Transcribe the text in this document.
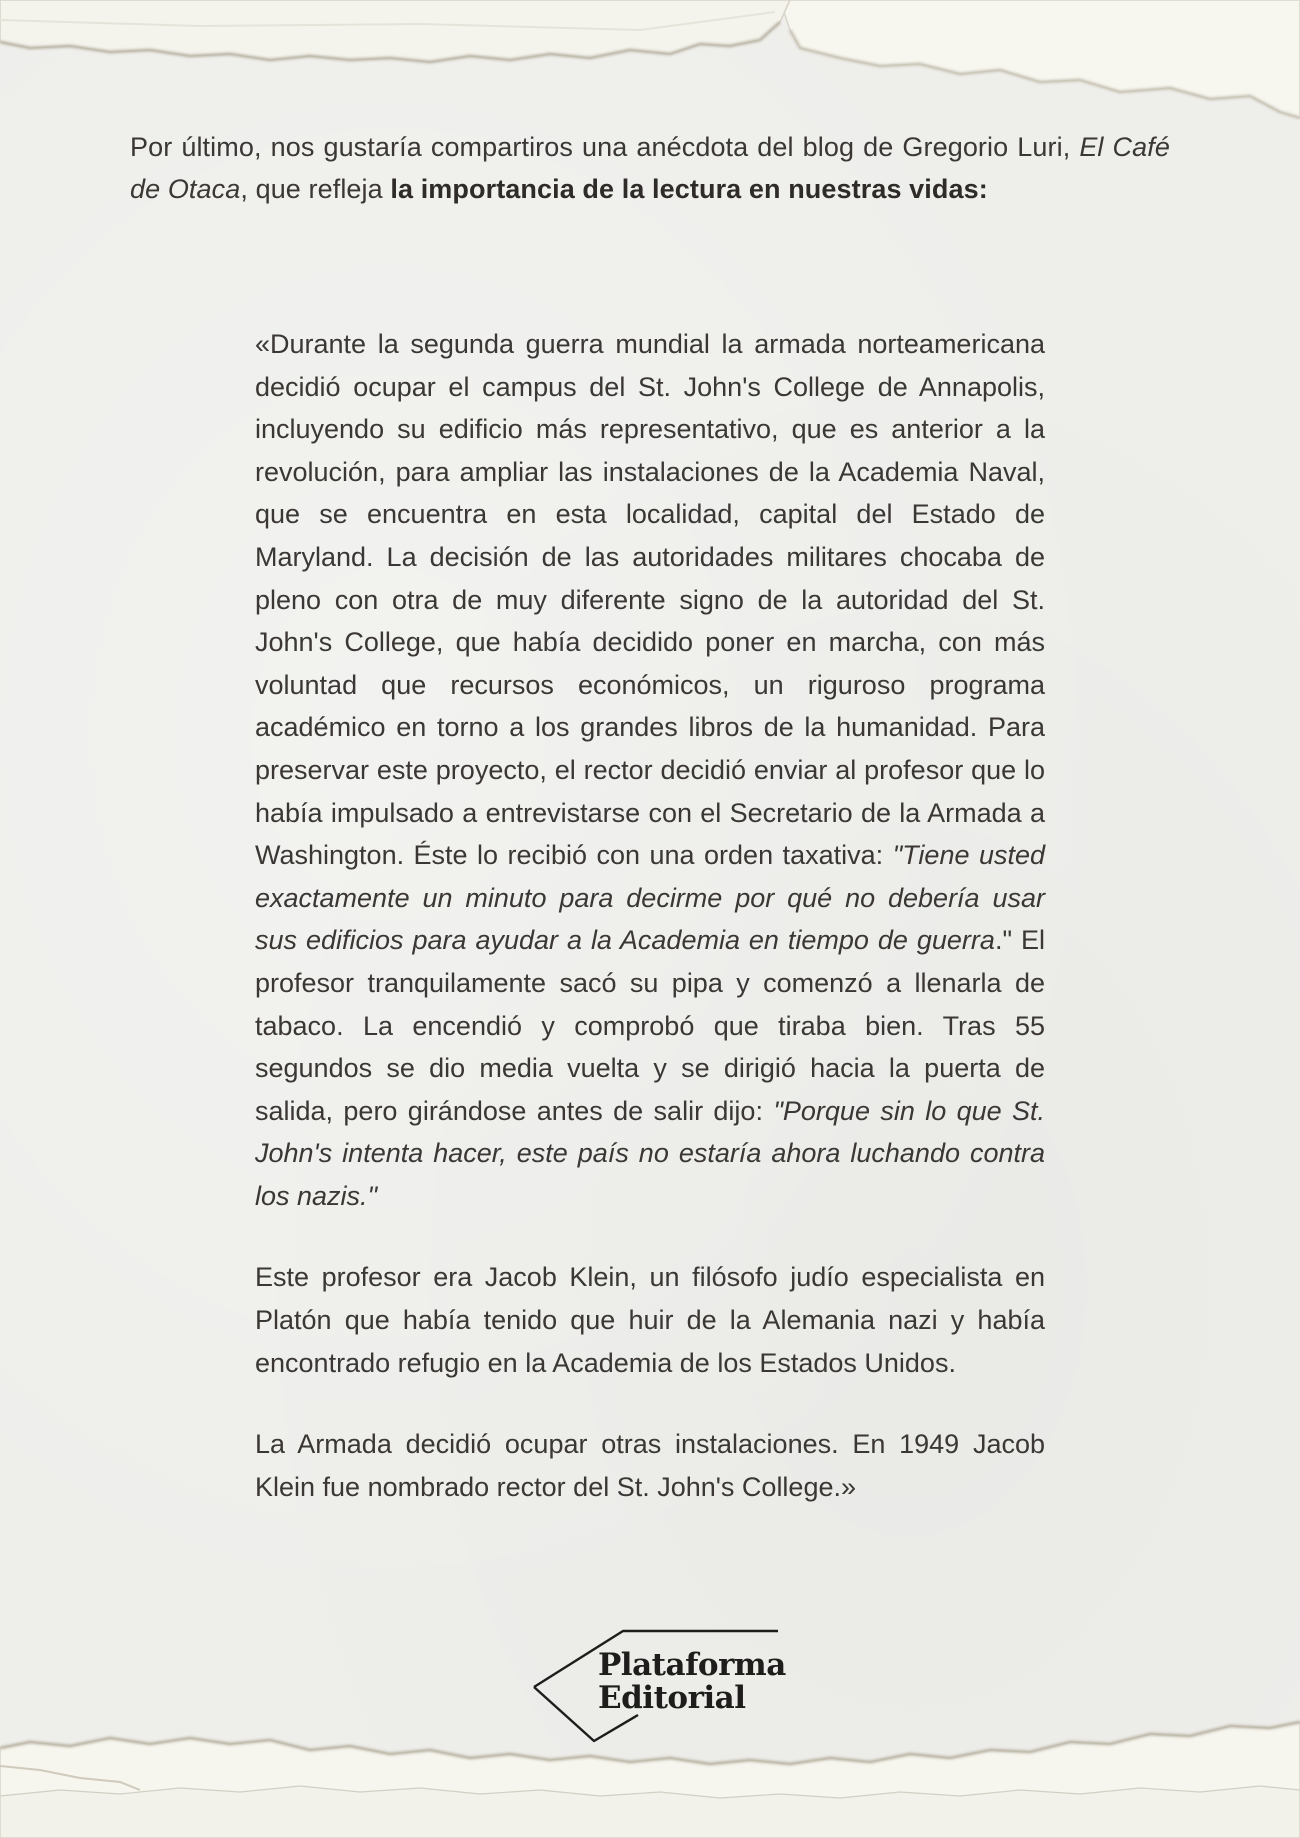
Por último, nos gustaría compartiros una anécdota del blog de Gregorio Luri, El Café de Otaca, que refleja la importancia de la lectura en nuestras vidas:

«Durante la segunda guerra mundial la armada norteamericana decidió ocupar el campus del St. John's College de Annapolis, incluyendo su edificio más representativo, que es anterior a la revolución, para ampliar las instalaciones de la Academia Naval, que se encuentra en esta localidad, capital del Estado de Maryland. La decisión de las autoridades militares chocaba de pleno con otra de muy diferente signo de la autoridad del St. John's College, que había decidido poner en marcha, con más voluntad que recursos económicos, un riguroso programa académico en torno a los grandes libros de la humanidad. Para preservar este proyecto, el rector decidió enviar al profesor que lo había impulsado a entrevistarse con el Secretario de la Armada a Washington. Éste lo recibió con una orden taxativa: "Tiene usted exactamente un minuto para decirme por qué no debería usar sus edificios para ayudar a la Academia en tiempo de guerra." El profesor tranquilamente sacó su pipa y comenzó a llenarla de tabaco. La encendió y comprobó que tiraba bien. Tras 55 segundos se dio media vuelta y se dirigió hacia la puerta de salida, pero girándose antes de salir dijo: "Porque sin lo que St. John's intenta hacer, este país no estaría ahora luchando contra los nazis."

Este profesor era Jacob Klein, un filósofo judío especialista en Platón que había tenido que huir de la Alemania nazi y había encontrado refugio en la Academia de los Estados Unidos.

La Armada decidió ocupar otras instalaciones. En 1949 Jacob Klein fue nombrado rector del St. John's College.»

Plataforma
Editorial
